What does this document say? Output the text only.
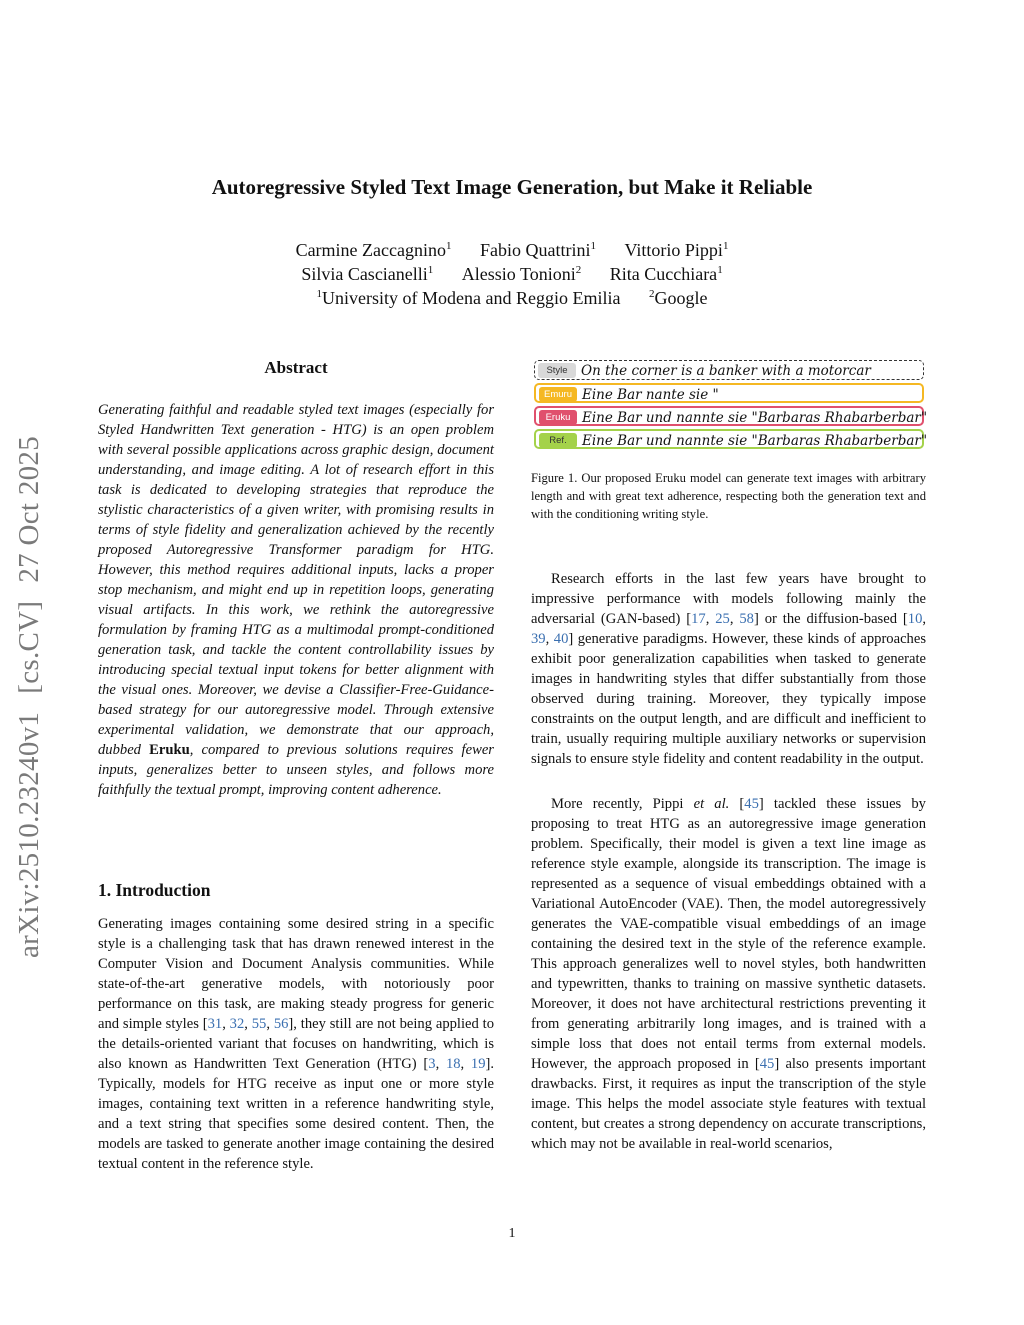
arXiv:2510.23240v1[cs.CV]27 Oct 2025
Autoregressive Styled Text Image Generation, but Make it Reliable
Carmine Zaccagnino$^1$ Fabio Quattrini$^1$ Vittorio Pippi$^1$
Silvia Cascianelli$^1$ Alessio Tonioni$^2$ Rita Cucchiara$^1$
$^1$University of Modena and Reggio Emilia	$^2$Google
Abstract
Generating faithful and readable styled text images (especially for Styled Handwritten Text generation - HTG) is an open problem with several possible applications across graphic design, document understanding, and image editing. A lot of research effort in this task is dedicated to developing strategies that reproduce the stylistic characteristics of a given writer, with promising results in terms of style fidelity and generalization achieved by the recently proposed Autoregressive Transformer paradigm for HTG. However, this method requires additional inputs, lacks a proper stop mechanism, and might end up in repetition loops, generating visual artifacts. In this work, we rethink the autoregressive formulation by framing HTG as a multimodal prompt-conditioned generation task, and tackle the content controllability issues by introducing special textual input tokens for better alignment with the visual ones. Moreover, we devise a Classifier-Free-Guidance-based strategy for our autoregressive model. Through extensive experimental validation, we demonstrate that our approach, dubbed Eruku, compared to previous solutions requires fewer inputs, generalizes better to unseen styles, and follows more faithfully the textual prompt, improving content adherence.
1. Introduction
Generating images containing some desired string in a specific style is a challenging task that has drawn renewed interest in the Computer Vision and Document Analysis communities. While state-of-the-art generative models, with notoriously poor performance on this task, are making steady progress for generic and simple styles [31, 32, 55, 56], they still are not being applied to the details-oriented variant that focuses on handwriting, which is also known as Handwritten Text Generation (HTG) [3, 18, 19]. Typically, models for HTG receive as input one or more style images, containing text written in a reference handwriting style, and a text string that specifies some desired content. Then, the models are tasked to generate another image containing the desired textual content in the reference style.
Style On the corner is a banker with a motorcar
Emuru Eine Bar nante sie "
Eruku Eine Bar und nannte sie "Barbaras Rhabarberbar"
Ref.	Eine Bar und nannte sie "Barbaras Rhabarberbar"
Figure 1. Our proposed Eruku model can generate text images with arbitrary length and with great text adherence, respecting both the generation text and with the conditioning writing style.
Research efforts in the last few years have brought to impressive performance with models following mainly the adversarial (GAN-based) [17, 25, 58] or the diffusion-based [10, 39, 40] generative paradigms. However, these kinds of approaches exhibit poor generalization capabilities when tasked to generate images in handwriting styles that differ substantially from those observed during training. Moreover, they typically impose constraints on the output length, and are difficult and inefficient to train, usually requiring multiple auxiliary networks or supervision signals to ensure style fidelity and content readability in the output.
More recently, Pippi et al. [45] tackled these issues by proposing to treat HTG as an autoregressive image generation problem. Specifically, their model is given a text line image as reference style example, alongside its transcription. The image is represented as a sequence of visual embeddings obtained with a Variational AutoEncoder (VAE). Then, the model autoregressively generates the VAE-compatible visual embeddings of an image containing the desired text in the style of the reference example. This approach generalizes well to novel styles, both handwritten and typewritten, thanks to training on massive synthetic datasets. Moreover, it does not have architectural restrictions preventing it from generating arbitrarily long images, and is trained with a simple loss that does not entail terms from external models. However, the approach proposed in [45] also presents important drawbacks. First, it requires as input the transcription of the style image. This helps the model associate style features with textual content, but creates a strong dependency on accurate transcriptions, which may not be available in real-world scenarios,
1
